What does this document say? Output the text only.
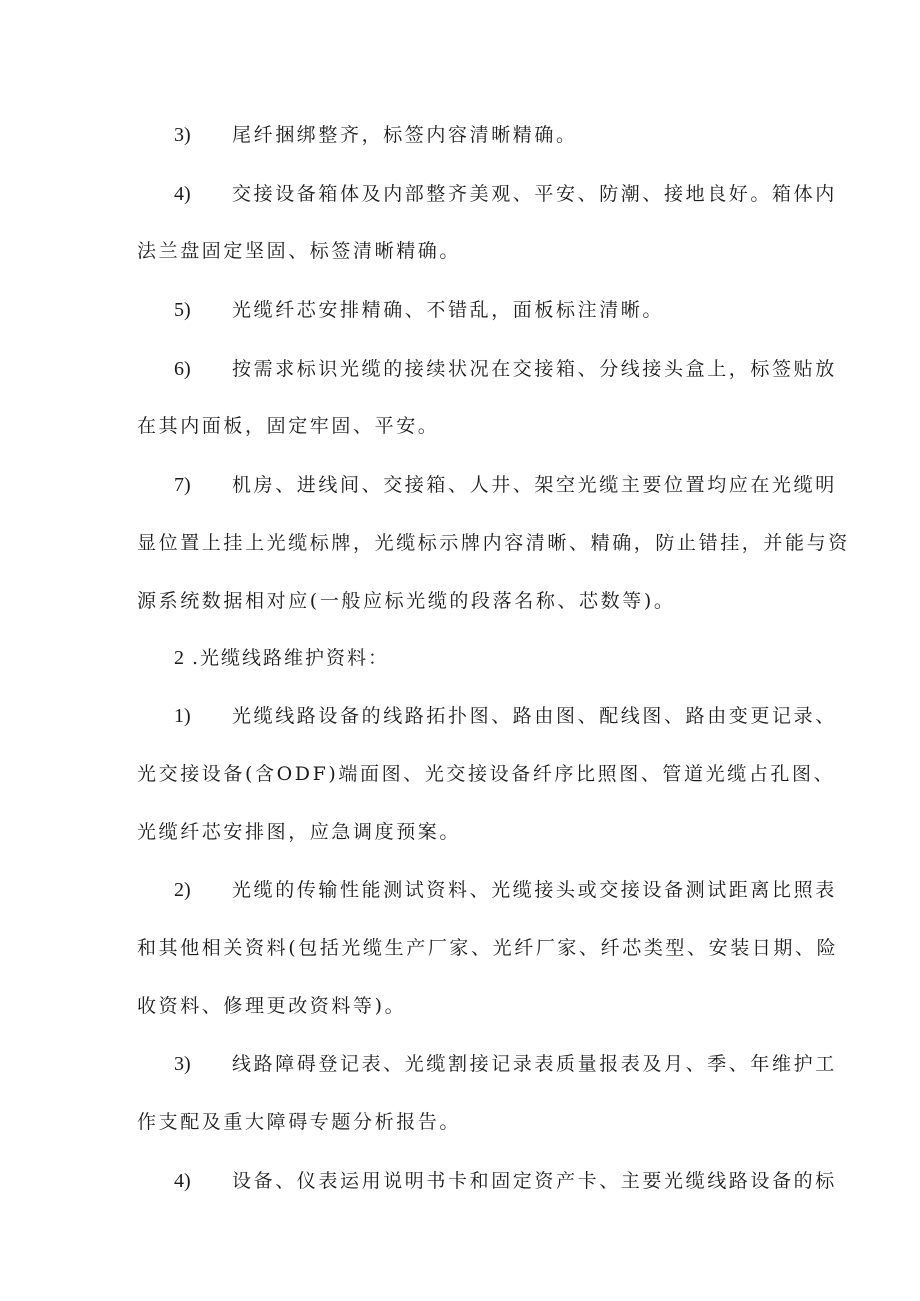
3)	尾纤捆绑整齐，标签内容清晰精确。
4)	交接设备箱体及内部整齐美观、平安、防潮、接地良好。箱体内
法兰盘固定坚固、标签清晰精确。
5)	光缆纤芯安排精确、不错乱，面板标注清晰。
6)	按需求标识光缆的接续状况在交接箱、分线接头盒上，标签贴放
在其内面板，固定牢固、平安。
7)	机房、进线间、交接箱、人井、架空光缆主要位置均应在光缆明
显位置上挂上光缆标牌，光缆标示牌内容清晰、精确，防止错挂，并能与资
源系统数据相对应(一般应标光缆的段落名称、芯数等)。
2 .光缆线路维护资料：
1)	光缆线路设备的线路拓扑图、路由图、配线图、路由变更记录、
光交接设备(含ODF)端面图、光交接设备纤序比照图、管道光缆占孔图、
光缆纤芯安排图，应急调度预案。
2)	光缆的传输性能测试资料、光缆接头或交接设备测试距离比照表
和其他相关资料(包括光缆生产厂家、光纤厂家、纤芯类型、安装日期、险
收资料、修理更改资料等)。
3)	线路障碍登记表、光缆割接记录表质量报表及月、季、年维护工
作支配及重大障碍专题分析报告。
4)	设备、仪表运用说明书卡和固定资产卡、主要光缆线路设备的标
